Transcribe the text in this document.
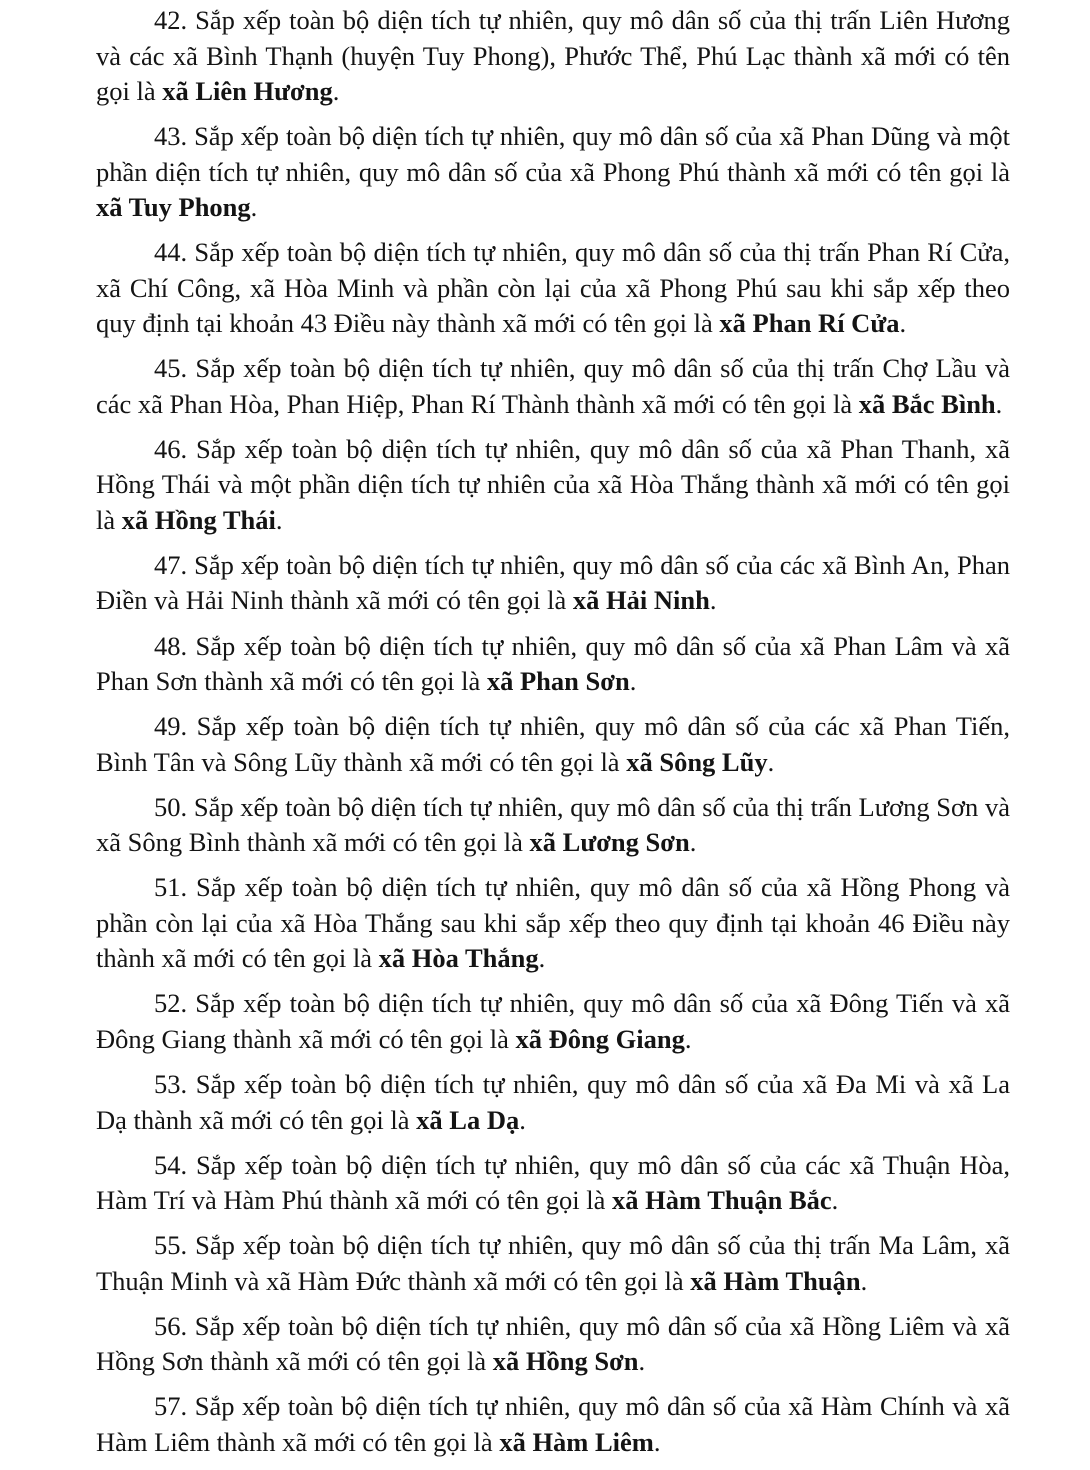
42. Sắp xếp toàn bộ diện tích tự nhiên, quy mô dân số của thị trấn Liên Hương và các xã Bình Thạnh (huyện Tuy Phong), Phước Thể, Phú Lạc thành xã mới có tên gọi là xã Liên Hương.

43. Sắp xếp toàn bộ diện tích tự nhiên, quy mô dân số của xã Phan Dũng và một phần diện tích tự nhiên, quy mô dân số của xã Phong Phú thành xã mới có tên gọi là xã Tuy Phong.

44. Sắp xếp toàn bộ diện tích tự nhiên, quy mô dân số của thị trấn Phan Rí Cửa, xã Chí Công, xã Hòa Minh và phần còn lại của xã Phong Phú sau khi sắp xếp theo quy định tại khoản 43 Điều này thành xã mới có tên gọi là xã Phan Rí Cửa.

45. Sắp xếp toàn bộ diện tích tự nhiên, quy mô dân số của thị trấn Chợ Lầu và các xã Phan Hòa, Phan Hiệp, Phan Rí Thành thành xã mới có tên gọi là xã Bắc Bình.

46. Sắp xếp toàn bộ diện tích tự nhiên, quy mô dân số của xã Phan Thanh, xã Hồng Thái và một phần diện tích tự nhiên của xã Hòa Thắng thành xã mới có tên gọi là xã Hồng Thái.

47. Sắp xếp toàn bộ diện tích tự nhiên, quy mô dân số của các xã Bình An, Phan Điền và Hải Ninh thành xã mới có tên gọi là xã Hải Ninh.

48. Sắp xếp toàn bộ diện tích tự nhiên, quy mô dân số của xã Phan Lâm và xã Phan Sơn thành xã mới có tên gọi là xã Phan Sơn.

49. Sắp xếp toàn bộ diện tích tự nhiên, quy mô dân số của các xã Phan Tiến, Bình Tân và Sông Lũy thành xã mới có tên gọi là xã Sông Lũy.

50. Sắp xếp toàn bộ diện tích tự nhiên, quy mô dân số của thị trấn Lương Sơn và xã Sông Bình thành xã mới có tên gọi là xã Lương Sơn.

51. Sắp xếp toàn bộ diện tích tự nhiên, quy mô dân số của xã Hồng Phong và phần còn lại của xã Hòa Thắng sau khi sắp xếp theo quy định tại khoản 46 Điều này thành xã mới có tên gọi là xã Hòa Thắng.

52. Sắp xếp toàn bộ diện tích tự nhiên, quy mô dân số của xã Đông Tiến và xã Đông Giang thành xã mới có tên gọi là xã Đông Giang.

53. Sắp xếp toàn bộ diện tích tự nhiên, quy mô dân số của xã Đa Mi và xã La Dạ thành xã mới có tên gọi là xã La Dạ.

54. Sắp xếp toàn bộ diện tích tự nhiên, quy mô dân số của các xã Thuận Hòa, Hàm Trí và Hàm Phú thành xã mới có tên gọi là xã Hàm Thuận Bắc.

55. Sắp xếp toàn bộ diện tích tự nhiên, quy mô dân số của thị trấn Ma Lâm, xã Thuận Minh và xã Hàm Đức thành xã mới có tên gọi là xã Hàm Thuận.

56. Sắp xếp toàn bộ diện tích tự nhiên, quy mô dân số của xã Hồng Liêm và xã Hồng Sơn thành xã mới có tên gọi là xã Hồng Sơn.

57. Sắp xếp toàn bộ diện tích tự nhiên, quy mô dân số của xã Hàm Chính và xã Hàm Liêm thành xã mới có tên gọi là xã Hàm Liêm.
